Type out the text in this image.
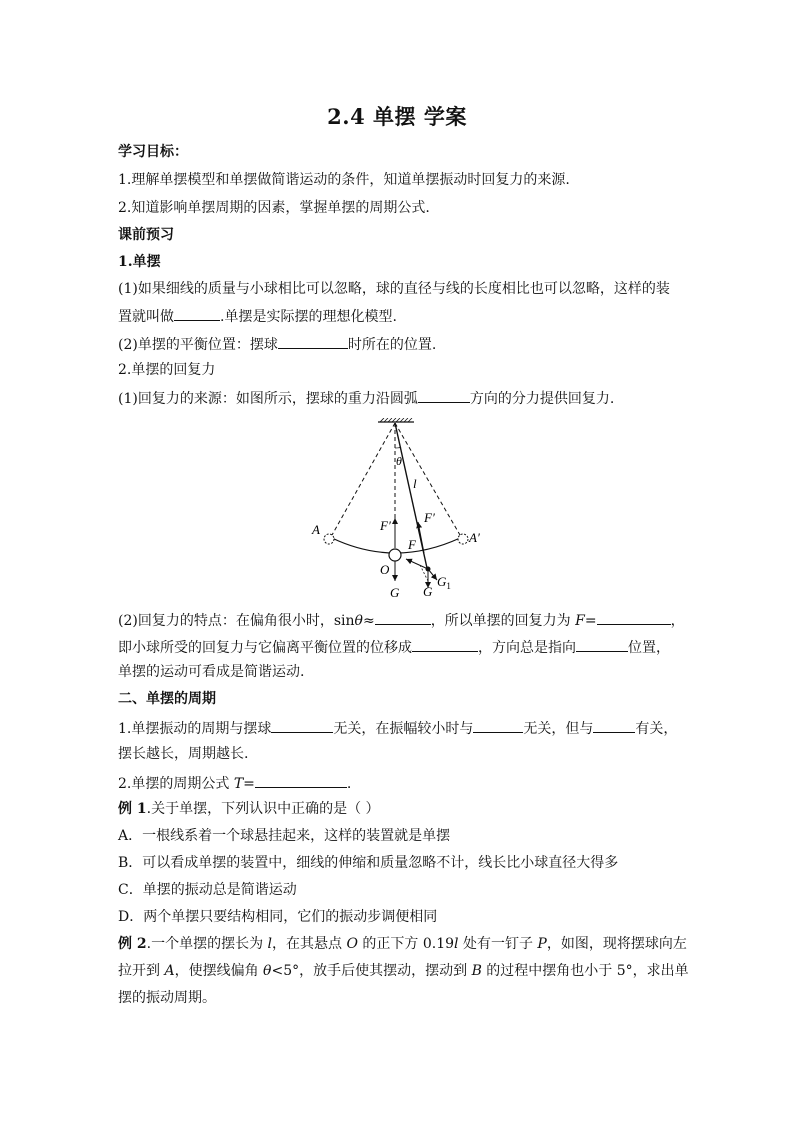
2.4 单摆 学案
学习目标：
1.理解单摆模型和单摆做简谐运动的条件，知道单摆振动时回复力的来源.
2.知道影响单摆周期的因素，掌握单摆的周期公式.
课前预习
1.单摆
(1)如果细线的质量与小球相比可以忽略，球的直径与线的长度相比也可以忽略，这样的装
置就叫做	.单摆是实际摆的理想化模型.
(2)单摆的平衡位置：摆球	时所在的位置.
2.单摆的回复力
(1)回复力的来源：如图所示，摆球的重力沿圆弧	方向的分力提供回复力.
θ
l
F′
F′
A
A′
F
O
$G_1$
G
G
(2)回复力的特点：在偏角很小时，sinθ≈	，所以单摆的回复力为 F=	，
即小球所受的回复力与它偏离平衡位置的位移成	，方向总是指向	位置，
单摆的运动可看成是简谐运动.
二、单摆的周期
1.单摆振动的周期与摆球	无关，在振幅较小时与	无关，但与	有关，
摆长越长，周期越长.
2.单摆的周期公式 T=	.
例 1.关于单摆，下列认识中正确的是（ ）
A．一根线系着一个球悬挂起来，这样的装置就是单摆
B．可以看成单摆的装置中，细线的伸缩和质量忽略不计，线长比小球直径大得多
C．单摆的振动总是简谐运动
D．两个单摆只要结构相同，它们的振动步调便相同
例 2.一个单摆的摆长为 l，在其悬点 O 的正下方 0.19l 处有一钉子 P，如图，现将摆球向左
拉开到 A，使摆线偏角 θ<5°，放手后使其摆动，摆动到 B 的过程中摆角也小于 5°，求出单
摆的振动周期。
